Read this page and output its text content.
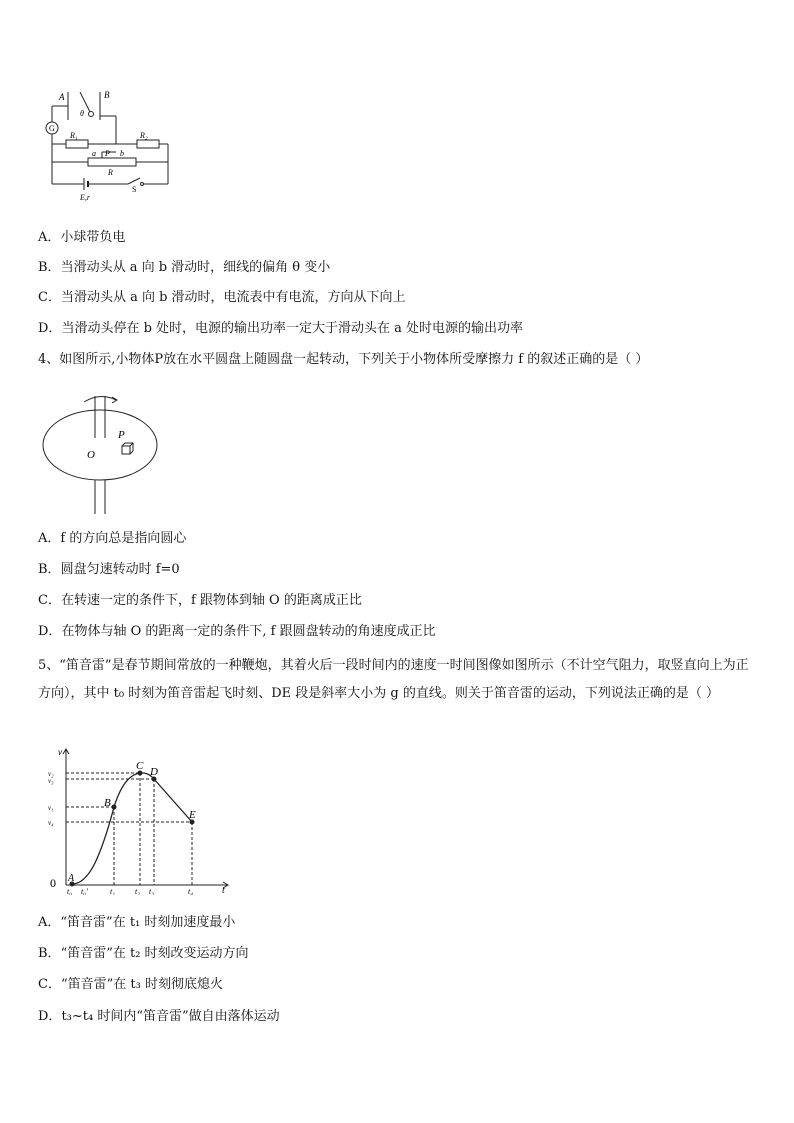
A	B
G
θ
R₁	R₂
a P b
R
E,r
S
A．小球带负电
B．当滑动头从 a 向 b 滑动时，细线的偏角 θ 变小
C．当滑动头从 a 向 b 滑动时，电流表中有电流，方向从下向上
D．当滑动头停在 b 处时，电源的输出功率一定大于滑动头在 a 处时电源的输出功率
4、如图所示,小物体P放在水平圆盘上随圆盘一起转动，下列关于小物体所受摩擦力 f 的叙述正确的是（ ）
P
O
A．f 的方向总是指向圆心
B．圆盘匀速转动时 f=0
C．在转速一定的条件下，f 跟物体到轴 O 的距离成正比
D．在物体与轴 O 的距离一定的条件下, f 跟圆盘转动的角速度成正比
5、“笛音雷”是春节期间常放的一种鞭炮，其着火后一段时间内的速度一时间图像如图所示（不计空气阻力，取竖直向上为正方向），其中 t₀ 时刻为笛音雷起飞时刻、DE 段是斜率大小为 g 的直线。则关于笛音雷的运动，下列说法正确的是（ ）
v
t
0 A
B
C D
E
v₂
v₃
v₁
v₄
t₀ t₀'	t₁ t₂ t₃	t₄
A．“笛音雷”在 t₁ 时刻加速度最小
B．“笛音雷”在 t₂ 时刻改变运动方向
C．“笛音雷”在 t₃ 时刻彻底熄火
D．t₃~t₄ 时间内“笛音雷”做自由落体运动
